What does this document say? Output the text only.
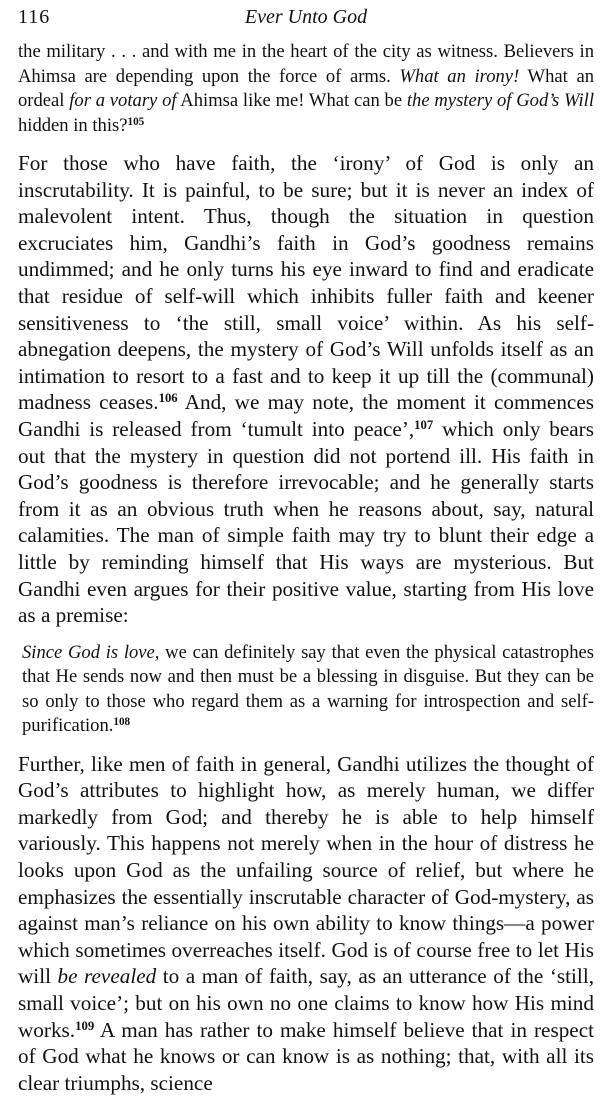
116	Ever Unto God

the military . . . and with me in the heart of the city as witness. Believers in Ahimsa are depending upon the force of arms. What an irony! What an ordeal for a votary of Ahimsa like me! What can be the mystery of God’s Will hidden in this?$^{105}$

For those who have faith, the ‘irony’ of God is only an inscrutability. It is painful, to be sure; but it is never an index of malevolent intent. Thus, though the situation in question excruciates him, Gandhi’s faith in God’s goodness remains undimmed; and he only turns his eye inward to find and eradicate that residue of self-will which inhibits fuller faith and keener sensitiveness to ‘the still, small voice’ within. As his self-abnegation deepens, the mystery of God’s Will unfolds itself as an intimation to resort to a fast and to keep it up till the (communal) madness ceases.$^{106}$ And, we may note, the moment it commences Gandhi is released from ‘tumult into peace’,$^{107}$ which only bears out that the mystery in question did not portend ill. His faith in God’s goodness is therefore irrevocable; and he generally starts from it as an obvious truth when he reasons about, say, natural calamities. The man of simple faith may try to blunt their edge a little by reminding himself that His ways are mysterious. But Gandhi even argues for their positive value, starting from His love as a premise:

Since God is love, we can definitely say that even the physical catastrophes that He sends now and then must be a blessing in disguise. But they can be so only to those who regard them as a warning for introspection and self-purification.$^{108}$

Further, like men of faith in general, Gandhi utilizes the thought of God’s attributes to highlight how, as merely human, we differ markedly from God; and thereby he is able to help himself variously. This happens not merely when in the hour of distress he looks upon God as the unfailing source of relief, but where he emphasizes the essentially inscrutable character of God-mystery, as against man’s reliance on his own ability to know things—a power which sometimes overreaches itself. God is of course free to let His will be revealed to a man of faith, say, as an utterance of the ‘still, small voice’; but on his own no one claims to know how His mind works.$^{109}$ A man has rather to make himself believe that in respect of God what he knows or can know is as nothing; that, with all its clear triumphs, science
